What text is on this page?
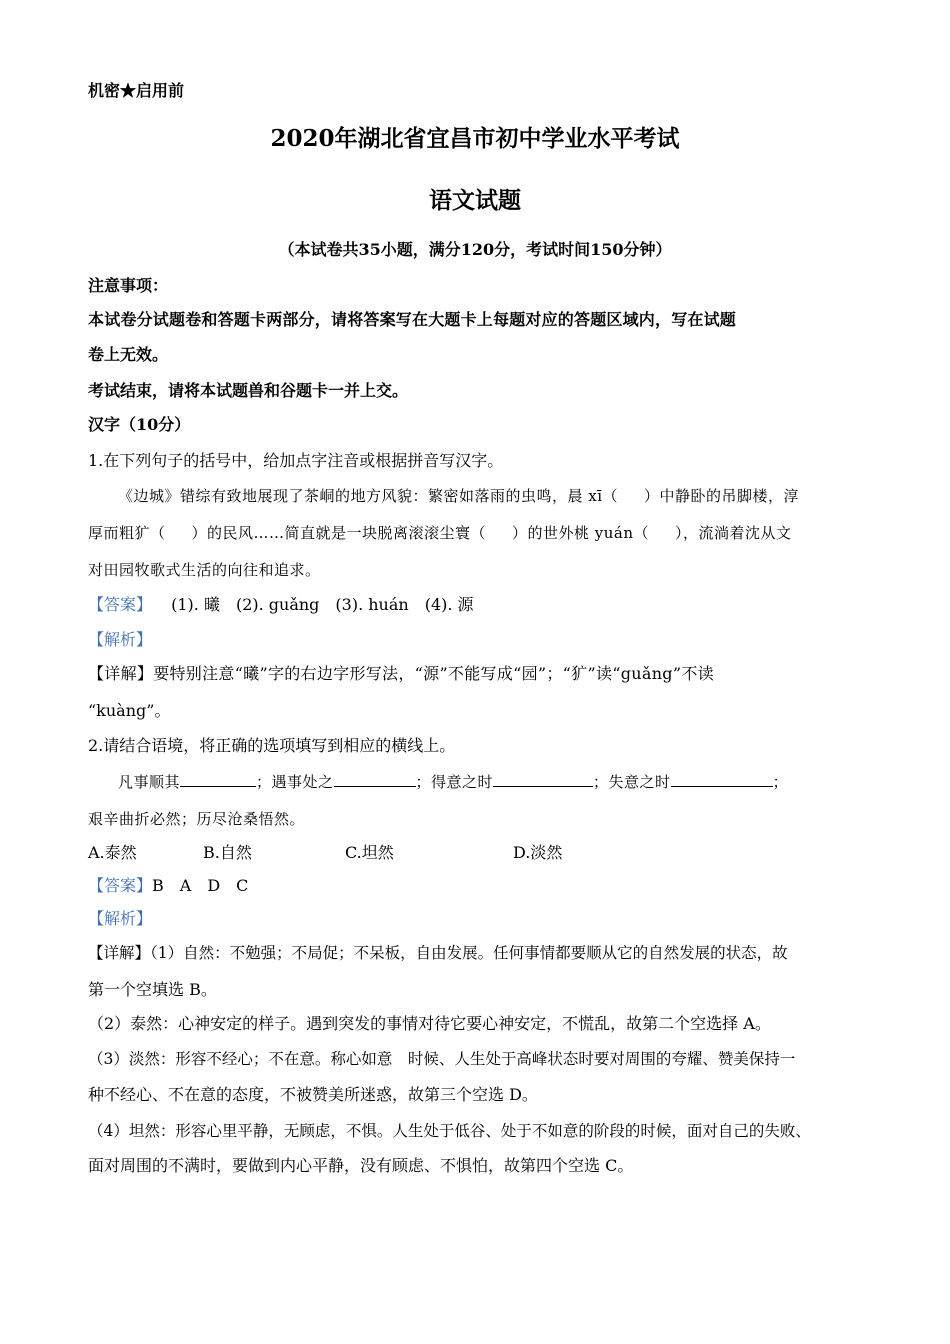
机密★启用前
2020年湖北省宜昌市初中学业水平考试
语文试题
（本试卷共35小题，满分120分，考试时间150分钟）
注意事项：
本试卷分试题卷和答题卡两部分，请将答案写在大题卡上每题对应的答题区域内，写在试题
卷上无效。
考试结束，请将本试题兽和谷题卡一并上交。
汉字（10分）
1.在下列句子的括号中，给加点字注音或根据拼音写汉字。
《边城》错综有致地展现了茶峒的地方风貌：繁密如落雨的虫鸣，晨 xī（ ）中静卧的吊脚楼，淳
厚而粗犷（ ）的民风……简直就是一块脱离滚滚尘寰（ ）的世外桃 yuán（ ），流淌着沈从文
对田园牧歌式生活的向往和追求。
【答案】 (1). 曦　(2). guǎng　(3). huán　(4). 源
【解析】
【详解】要特别注意“曦”字的右边字形写法，“源”不能写成“园”；“犷”读“guǎng”不读
“kuàng”。
2.请结合语境，将正确的选项填写到相应的横线上。
凡事顺其	；遇事处之	；得意之时	；失意之时	；
艰辛曲折必然；历尽沧桑悟然。
A.泰然	B.自然	C.坦然	D.淡然
【答案】B　A　D　C
【解析】
【详解】（1）自然：不勉强；不局促；不呆板，自由发展。任何事情都要顺从它的自然发展的状态，故
第一个空填选 B。
（2）泰然：心神安定的样子。遇到突发的事情对待它要心神安定，不慌乱，故第二个空选择 A。
（3）淡然：形容不经心；不在意。称心如意　时候、人生处于高峰状态时要对周围的夸耀、赞美保持一
种不经心、不在意的态度，不被赞美所迷惑，故第三个空选 D。
（4）坦然：形容心里平静，无顾虑，不惧。人生处于低谷、处于不如意的阶段的时候，面对自己的失败、
面对周围的不满时，要做到内心平静，没有顾虑、不惧怕，故第四个空选 C。
